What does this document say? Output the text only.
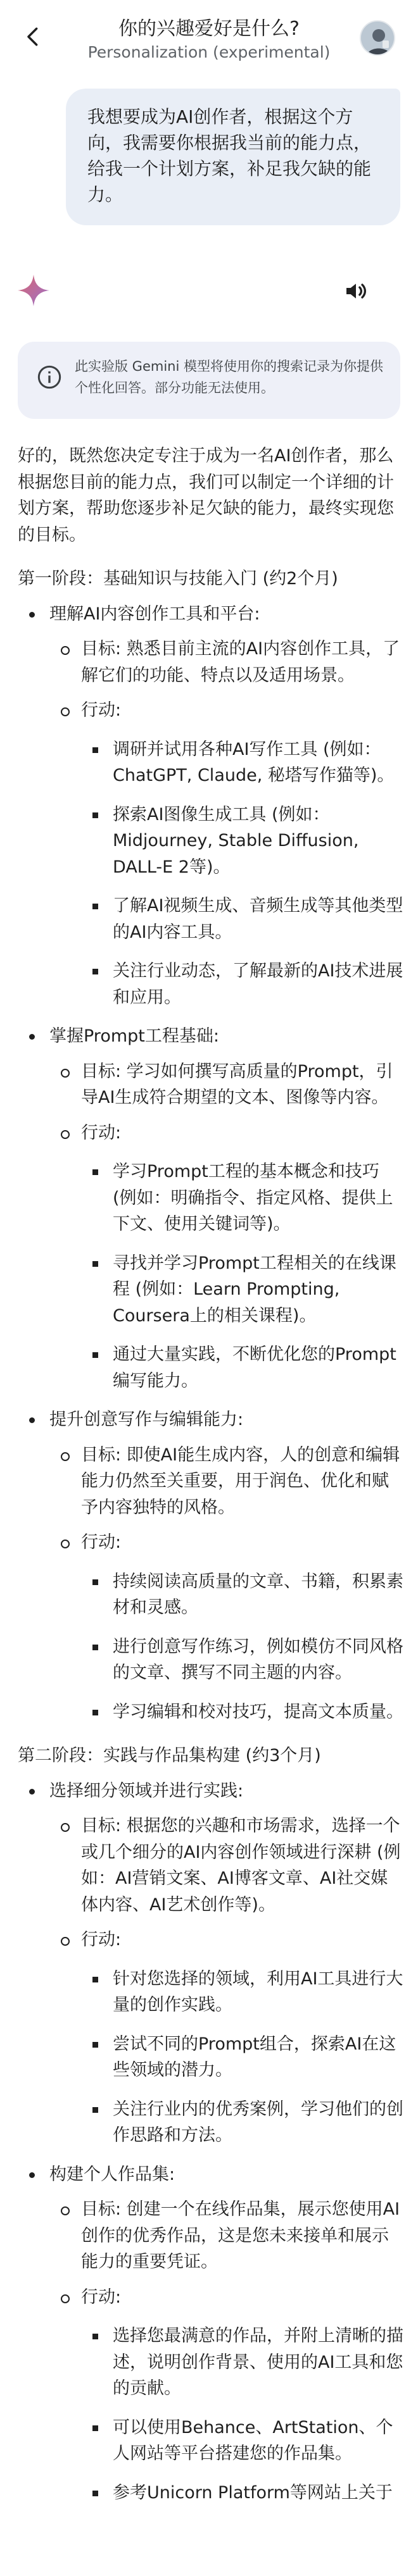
你的兴趣爱好是什么?
Personalization (experimental)
我想要成为AI创作者，根据这个方向，我需要你根据我当前的能力点，给我一个计划方案，补足我欠缺的能力。
此实验版 Gemini 模型将使用你的搜索记录为你提供个性化回答。部分功能无法使用。

好的，既然您决定专注于成为一名AI创作者，那么根据您目前的能力点，我们可以制定一个详细的计划方案，帮助您逐步补足欠缺的能力，最终实现您的目标。

第一阶段：基础知识与技能入门 (约2个月)

理解AI内容创作工具和平台:
目标: 熟悉目前主流的AI内容创作工具，了解它们的功能、特点以及适用场景。
行动:
调研并试用各种AI写作工具 (例如：ChatGPT, Claude, 秘塔写作猫等)。
探索AI图像生成工具 (例如：Midjourney, Stable Diffusion, DALL-E 2等)。
了解AI视频生成、音频生成等其他类型的AI内容工具。
关注行业动态，了解最新的AI技术进展和应用。
掌握Prompt工程基础:
目标: 学习如何撰写高质量的Prompt，引导AI生成符合期望的文本、图像等内容。
行动:
学习Prompt工程的基本概念和技巧 (例如：明确指令、指定风格、提供上下文、使用关键词等)。
寻找并学习Prompt工程相关的在线课程 (例如：Learn Prompting, Coursera上的相关课程)。
通过大量实践，不断优化您的Prompt编写能力。
提升创意写作与编辑能力:
目标: 即使AI能生成内容，人的创意和编辑能力仍然至关重要，用于润色、优化和赋予内容独特的风格。
行动:
持续阅读高质量的文章、书籍，积累素材和灵感。
进行创意写作练习，例如模仿不同风格的文章、撰写不同主题的内容。
学习编辑和校对技巧，提高文本质量。

第二阶段：实践与作品集构建 (约3个月)

选择细分领域并进行实践:
目标: 根据您的兴趣和市场需求，选择一个或几个细分的AI内容创作领域进行深耕 (例如：AI营销文案、AI博客文章、AI社交媒体内容、AI艺术创作等)。
行动:
针对您选择的领域，利用AI工具进行大量的创作实践。
尝试不同的Prompt组合，探索AI在这些领域的潜力。
关注行业内的优秀案例，学习他们的创作思路和方法。
构建个人作品集:
目标: 创建一个在线作品集，展示您使用AI创作的优秀作品，这是您未来接单和展示能力的重要凭证。
行动:
选择您最满意的作品，并附上清晰的描述，说明创作背景、使用的AI工具和您的贡献。
可以使用Behance、ArtStation、个人网站等平台搭建您的作品集。
参考Unicorn Platform等网站上关于
